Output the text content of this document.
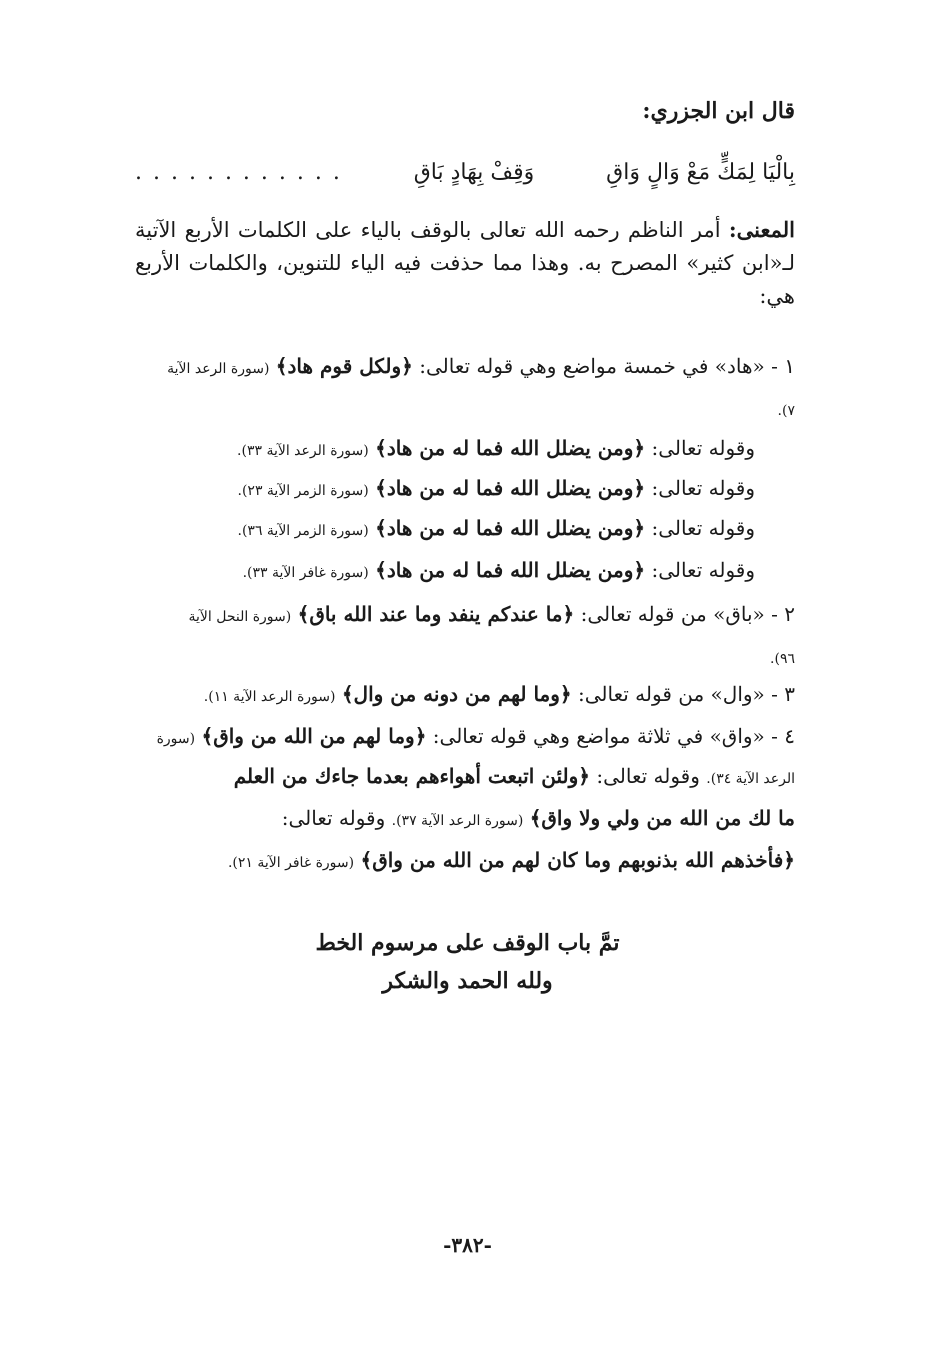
قال ابن الجزري:
بِالْيَا لِمَكٍّ مَعْ وَالٍ وَاقِ
وَقِفْ بِهَادٍ بَاقِ
. . . . . . . . . . . .
المعنى: أمر الناظم رحمه الله تعالى بالوقف بالياء على الكلمات الأربع الآتية لـ«ابن كثير» المصرح به. وهذا مما حذفت فيه الياء للتنوين، والكلمات الأربع هي:
١ - «هاد» في خمسة مواضع وهي قوله تعالى: ﴿ولكل قوم هاد﴾ (سورة الرعد الآية
٧).
وقوله تعالى: ﴿ومن يضلل الله فما له من هاد﴾ (سورة الرعد الآية ٣٣).
وقوله تعالى: ﴿ومن يضلل الله فما له من هاد﴾ (سورة الزمر الآية ٢٣).
وقوله تعالى: ﴿ومن يضلل الله فما له من هاد﴾ (سورة الزمر الآية ٣٦).
وقوله تعالى: ﴿ومن يضلل الله فما له من هاد﴾ (سورة غافر الآية ٣٣).
٢ - «باق» من قوله تعالى: ﴿ما عندكم ينفد وما عند الله باق﴾ (سورة النحل الآية
٩٦).
٣ - «وال» من قوله تعالى: ﴿وما لهم من دونه من وال﴾ (سورة الرعد الآية ١١).
٤ - «واق» في ثلاثة مواضع وهي قوله تعالى: ﴿وما لهم من الله من واق﴾ (سورة
الرعد الآية ٣٤). وقوله تعالى: ﴿ولئن اتبعت أهواءهم بعدما جاءك من العلم
ما لك من الله من ولي ولا واق﴾ (سورة الرعد الآية ٣٧). وقوله تعالى:
﴿فأخذهم الله بذنوبهم وما كان لهم من الله من واق﴾ (سورة غافر الآية ٢١).
تمَّ باب الوقف على مرسوم الخط
ولله الحمد والشكر
-٣٨٢-
